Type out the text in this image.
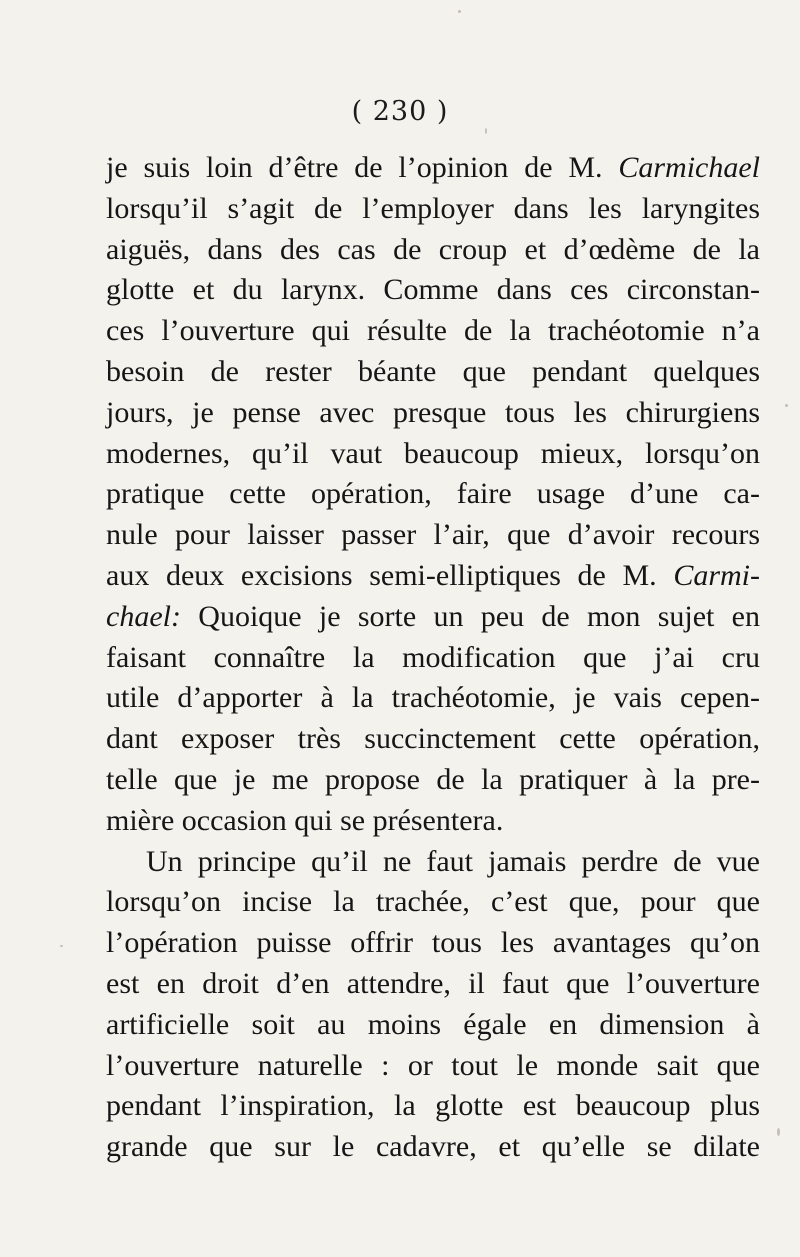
( 230 )
je suis loin d’être de l’opinion de M. Carmichael
lorsqu’il s’agit de l’employer dans les laryngites
aiguës, dans des cas de croup et d’œdème de la
glotte et du larynx. Comme dans ces circonstan-
ces l’ouverture qui résulte de la trachéotomie n’a
besoin de rester béante que pendant quelques
jours, je pense avec presque tous les chirurgiens
modernes, qu’il vaut beaucoup mieux, lorsqu’on
pratique cette opération, faire usage d’une ca-
nule pour laisser passer l’air, que d’avoir recours
aux deux excisions semi-elliptiques de M. Carmi-
chael: Quoique je sorte un peu de mon sujet en
faisant connaître la modification que j’ai cru
utile d’apporter à la trachéotomie, je vais cepen-
dant exposer très succinctement cette opération,
telle que je me propose de la pratiquer à la pre-
mière occasion qui se présentera.
Un principe qu’il ne faut jamais perdre de vue
lorsqu’on incise la trachée, c’est que, pour que
l’opération puisse offrir tous les avantages qu’on
est en droit d’en attendre, il faut que l’ouverture
artificielle soit au moins égale en dimension à
l’ouverture naturelle : or tout le monde sait que
pendant l’inspiration, la glotte est beaucoup plus
grande que sur le cadavre, et qu’elle se dilate
